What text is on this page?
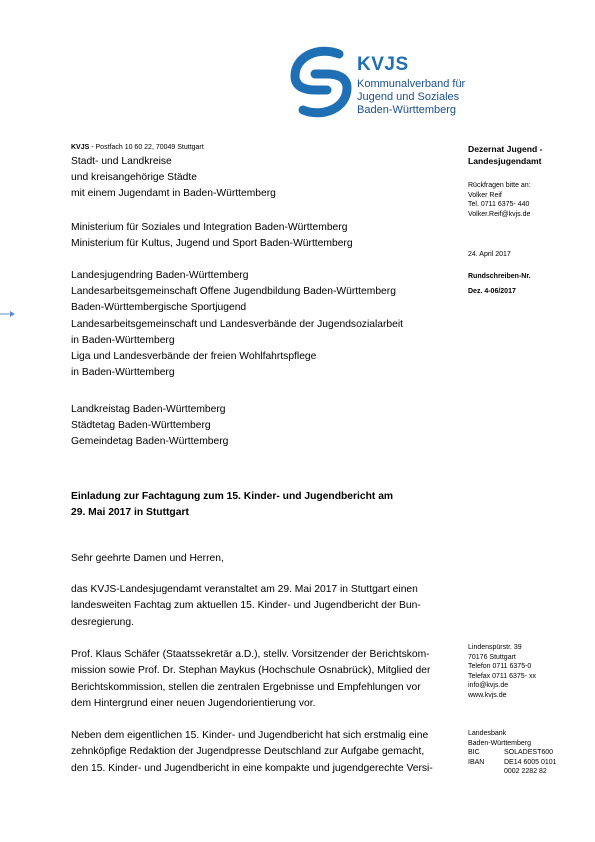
KVJS
Kommunalverband für
Jugend und Soziales
Baden-Württemberg
KVJS - Postfach 10 60 22, 70049 Stuttgart
Stadt- und Landkreise
und kreisangehörige Städte
mit einem Jugendamt in Baden-Württemberg
Ministerium für Soziales und Integration Baden-Württemberg
Ministerium für Kultus, Jugend und Sport Baden-Württemberg
Landesjugendring Baden-Württemberg
Landesarbeitsgemeinschaft Offene Jugendbildung Baden-Württemberg
Baden-Württembergische Sportjugend
Landesarbeitsgemeinschaft und Landesverbände der Jugendsozialarbeit
in Baden-Württemberg
Liga und Landesverbände der freien Wohlfahrtspflege
in Baden-Württemberg
Landkreistag Baden-Württemberg
Städtetag Baden-Württemberg
Gemeindetag Baden-Württemberg
Dezernat Jugend -
Landesjugendamt
Rückfragen bitte an:
Volker Reif
Tel. 0711 6375- 440
Volker.Reif@kvjs.de
24. April 2017
Rundschreiben-Nr.
Dez. 4-06/2017
Lindenspürstr. 39
70176 Stuttgart
Telefon 0711 6375-0
Telefax 0711 6375- xx
info@kvjs.de
www.kvjs.de
Landesbank
Baden-Württemberg
BIC	SOLADEST600
IBAN	DE14 6005 0101
0002 2282 82
Einladung zur Fachtagung zum 15. Kinder- und Jugendbericht am
29. Mai 2017 in Stuttgart
Sehr geehrte Damen und Herren,
das KVJS-Landesjugendamt veranstaltet am 29. Mai 2017 in Stuttgart einen
landesweiten Fachtag zum aktuellen 15. Kinder- und Jugendbericht der Bun-
desregierung.
Prof. Klaus Schäfer (Staatssekretär a.D.), stellv. Vorsitzender der Berichtskom-
mission sowie Prof. Dr. Stephan Maykus (Hochschule Osnabrück), Mitglied der
Berichtskommission, stellen die zentralen Ergebnisse und Empfehlungen vor
dem Hintergrund einer neuen Jugendorientierung vor.
Neben dem eigentlichen 15. Kinder- und Jugendbericht hat sich erstmalig eine
zehnköpfige Redaktion der Jugendpresse Deutschland zur Aufgabe gemacht,
den 15. Kinder- und Jugendbericht in eine kompakte und jugendgerechte Versi-
